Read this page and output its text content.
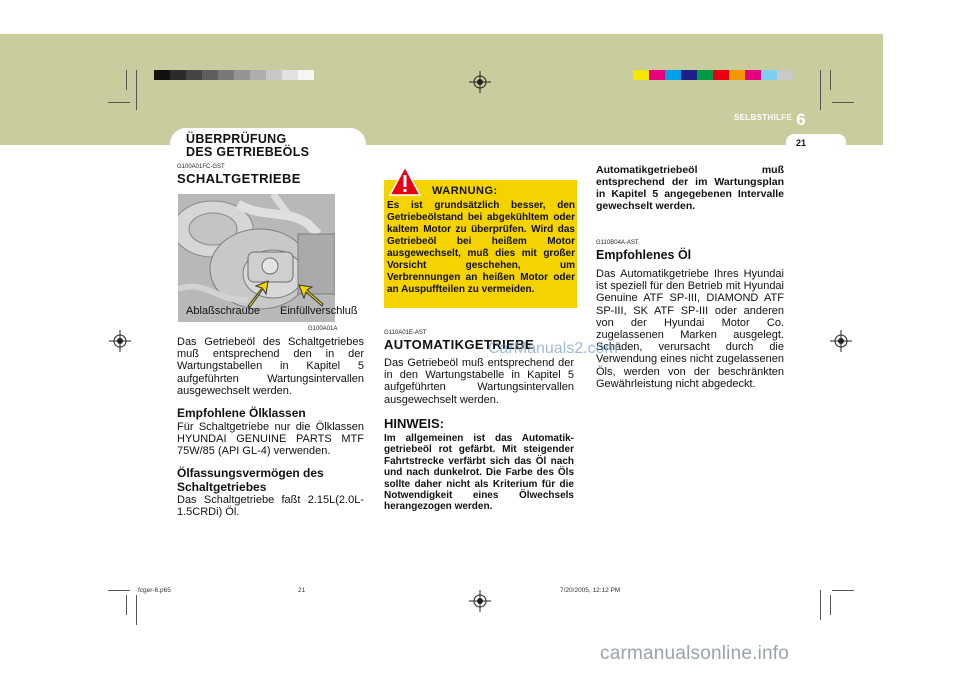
SELBSTHILFE 6
21
ÜBERPRÜFUNG
DES GETRIEBEÖLS
G100A01FC-GST
SCHALTGETRIEBE
Ablaßschraube Einfüllverschluß
G100A01A
Das Getriebeöl des Schaltgetriebes muß entsprechend den in der Wartungstabellen in Kapitel 5 aufgeführten Wartungsintervallen ausgewechselt werden.
Empfohlene Ölklassen
Für Schaltgetriebe nur die Ölklassen HYUNDAI GENUINE PARTS MTF 75W/85 (API GL-4) verwenden.
Ölfassungsvermögen des
Schaltgetriebes
Das Schaltgetriebe faßt 2.15L(2.0L-1.5CRDi) Öl.
WARNUNG:
Es ist grundsätzlich besser, den Getriebeölstand bei abgekühltem oder kaltem Motor zu überprüfen. Wird das Getriebeöl bei heißem Motor ausgewechselt, muß dies mit großer Vorsicht geschehen, um Verbrennungen an heißen Motor oder an Auspuffteilen zu vermeiden.
G110A01E-AST
AUTOMATIKGETRIEBE
Das Getriebeöl muß entsprechend der in den Wartungstabelle in Kapitel 5 aufgeführten Wartungsintervallen ausgewechselt werden.
HINWEIS:
Im allgemeinen ist das Automatik-getriebeöl rot gefärbt. Mit steigender Fahrtstrecke verfärbt sich das Öl nach und nach dunkelrot. Die Farbe des Öls sollte daher nicht als Kriterium für die Notwendigkeit eines Ölwechsels herangezogen werden.
Automatikgetriebeöl muß entsprechend der im Wartungsplan in Kapitel 5 angegebenen Intervalle gewechselt werden.
G110B04A-AST
Empfohlenes Öl
Das Automatikgetriebe Ihres Hyundai ist speziell für den Betrieb mit Hyundai Genuine ATF SP-III, DIAMOND ATF SP-III, SK ATF SP-III oder anderen von der Hyundai Motor Co. zugelassenen Marken ausgelegt. Schäden, verursacht durch die Verwendung eines nicht zugelassenen Öls, werden von der beschränkten Gewährleistung nicht abgedeckt.
CarManuals2.com
carmanualsonline.info
fcger-6.p65	21	7/20/2005, 12:12 PM
